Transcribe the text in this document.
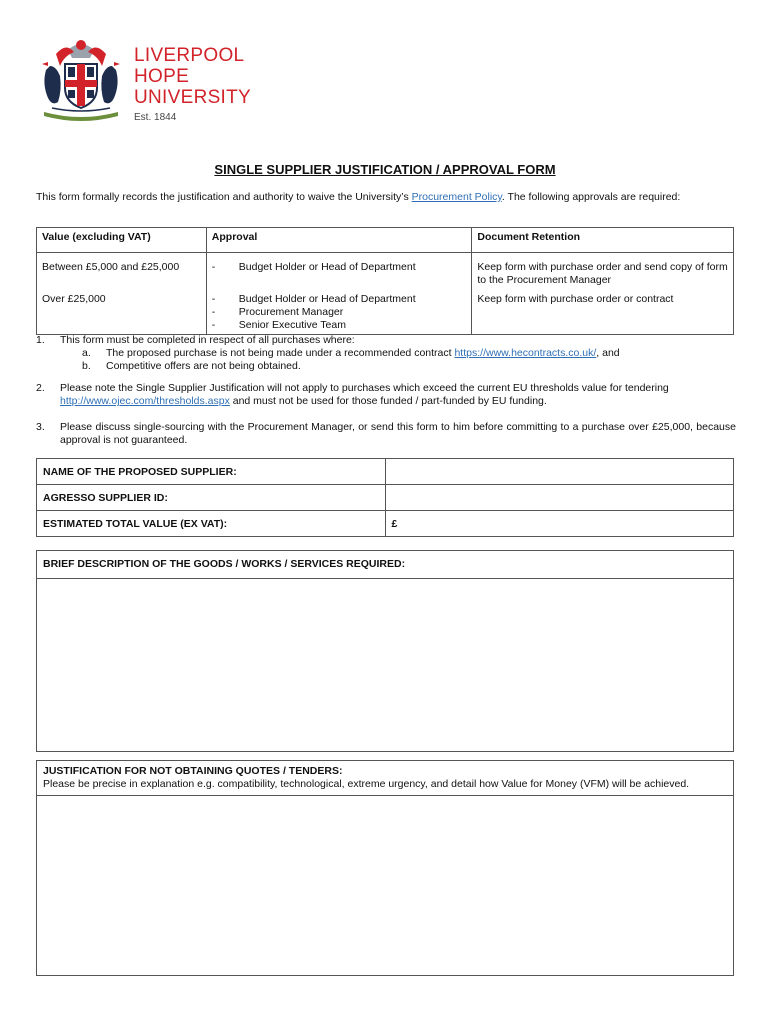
LIVERPOOL
HOPE
UNIVERSITY
Est. 1844
SINGLE SUPPLIER JUSTIFICATION / APPROVAL FORM
This form formally records the justification and authority to waive the University’s Procurement Policy. The following approvals are required:
Value (excluding VAT)	Approval	Document Retention
Between £5,000 and £25,000	- Budget Holder or Head of Department	Keep form with purchase order and send copy of form to the Procurement Manager
Over £25,000	- Budget Holder or Head of Department
- Procurement Manager
- Senior Executive Team	Keep form with purchase order or contract
1. This form must be completed in respect of all purchases where:
a. The proposed purchase is not being made under a recommended contract https://www.hecontracts.co.uk/, and
b. Competitive offers are not being obtained.
2. Please note the Single Supplier Justification will not apply to purchases which exceed the current EU thresholds value for tendering http://www.ojec.com/thresholds.aspx and must not be used for those funded / part-funded by EU funding.
3. Please discuss single-sourcing with the Procurement Manager, or send this form to him before committing to a purchase over £25,000, because approval is not guaranteed.
NAME OF THE PROPOSED SUPPLIER:	
AGRESSO SUPPLIER ID:	
ESTIMATED TOTAL VALUE (EX VAT):	£
BRIEF DESCRIPTION OF THE GOODS / WORKS / SERVICES REQUIRED:
JUSTIFICATION FOR NOT OBTAINING QUOTES / TENDERS:
Please be precise in explanation e.g. compatibility, technological, extreme urgency, and detail how Value for Money (VFM) will be achieved.
